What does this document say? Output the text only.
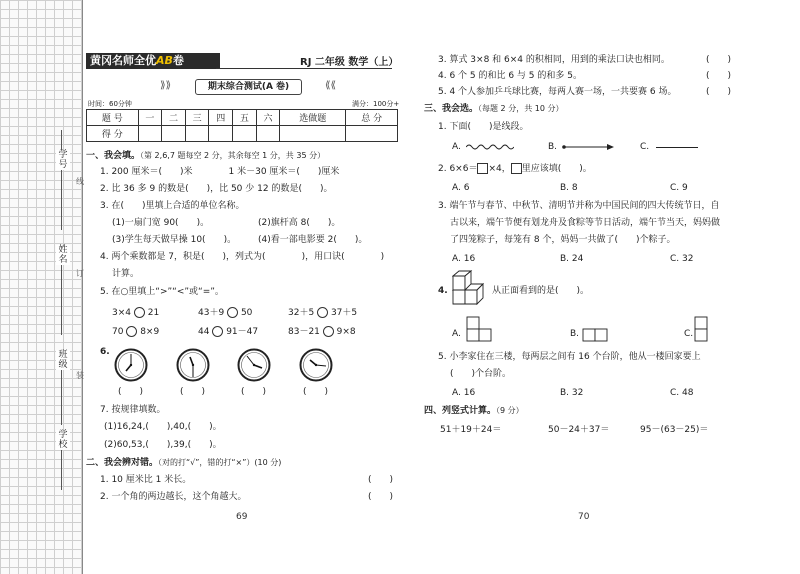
学号
姓名
班级
学校
线
订
装
黄冈名师全优AB卷	RJ 二年级 数学（上）
⟫⟫	期末综合测试(A 卷)	⟪⟪
时间：60分钟	满分：100分+
题 号	一	二	三	四	五	六	选做题	总 分
得 分								
一、我会填。（第 2,6,7 题每空 2 分，其余每空 1 分，共 35 分）
1. 200 厘米＝(　　)米　　　　1 米－30 厘米＝(　　)厘米
2. 比 36 多 9 的数是(　　)，比 50 少 12 的数是(　　)。
3. 在(　　)里填上合适的单位名称。
(1)一扇门宽 90(　　)。	(2)旗杆高 8(　　)。
(3)学生每天做早操 10(　　)。 (4)看一部电影要 2(　　)。
4. 两个乘数都是 7，积是(　　)，列式为(　　　　)，用口诀(　　　　)
计算。
5. 在○里填上“>”“<”或“=”。
3×4 21	43＋9 50	32＋5 37＋5
70 8×9	44 91－47	83－21 9×8
6.
(　　)	(　　)	(　　)	(　　)
7. 按规律填数。
(1)16,24,(　　),40,(　　)。
(2)60,53,(　　),39,(　　)。
二、我会辨对错。（对的打“√”，错的打“×”）(10 分)
1. 10 厘米比 1 米长。	(　　)
2. 一个角的两边越长，这个角越大。	(　　)
69
3. 算式 3×8 和 6×4 的积相同，用到的乘法口诀也相同。	(　　)
4. 6 个 5 的和比 6 与 5 的和多 5。	(　　)
5. 4 个人参加乒乓球比赛，每两人赛一场，一共要赛 6 场。	(　　)
三、我会选。（每题 2 分，共 10 分）
1. 下面(　　)是线段。
A.	B.	C.
2. 6×6＝ ×4， 里应该填(　　)。
A. 6	B. 8	C. 9
3. 端午节与春节、中秋节、清明节并称为中国民间的四大传统节日，自
古以来，端午节便有划龙舟及食粽等节日活动，端午节当天，妈妈做
了四笼粽子，每笼有 8 个，妈妈一共做了(　　)个粽子。
A. 16	B. 24	C. 32
4.	从正面看到的是(　　)。
A.	B.	C.
5. 小李家住在三楼，每两层之间有 16 个台阶，他从一楼回家要上
(　　)个台阶。
A. 16	B. 32	C. 48
四、列竖式计算。（9 分）
51＋19＋24＝	50－24＋37＝	95－(63－25)＝
70
